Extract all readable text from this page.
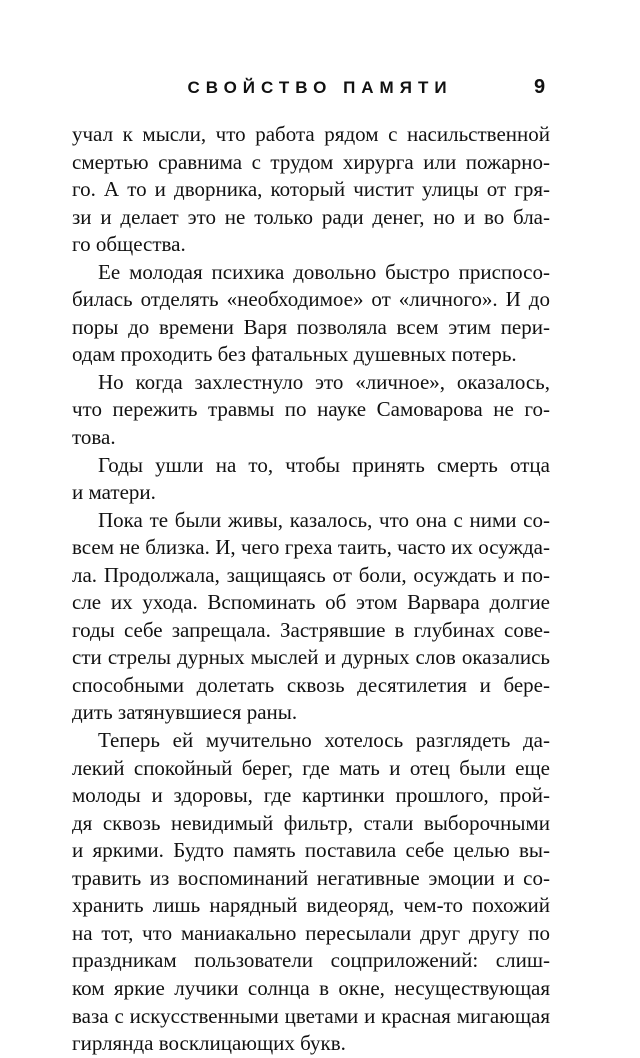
СВОЙСТВО ПАМЯТИ	9
учал к мысли, что работа рядом с насильственной
смертью сравнима с трудом хирурга или пожарно-
го. А то и дворника, который чистит улицы от гря-
зи и делает это не только ради денег, но и во бла-
го общества.
Ее молодая психика довольно быстро приспосо-
билась отделять «необходимое» от «личного». И до
поры до времени Варя позволяла всем этим пери-
одам проходить без фатальных душевных потерь.
Но когда захлестнуло это «личное», оказалось,
что пережить травмы по науке Самоварова не го-
това.
Годы ушли на то, чтобы принять смерть отца
и матери.
Пока те были живы, казалось, что она с ними со-
всем не близка. И, чего греха таить, часто их осужда-
ла. Продолжала, защищаясь от боли, осуждать и по-
сле их ухода. Вспоминать об этом Варвара долгие
годы себе запрещала. Застрявшие в глубинах сове-
сти стрелы дурных мыслей и дурных слов оказались
способными долетать сквозь десятилетия и бере-
дить затянувшиеся раны.
Теперь ей мучительно хотелось разглядеть да-
лекий спокойный берег, где мать и отец были еще
молоды и здоровы, где картинки прошлого, прой-
дя сквозь невидимый фильтр, стали выборочными
и яркими. Будто память поставила себе целью вы-
травить из воспоминаний негативные эмоции и со-
хранить лишь нарядный видеоряд, чем-то похожий
на тот, что маниакально пересылали друг другу по
праздникам пользователи соцприложений: слиш-
ком яркие лучики солнца в окне, несуществующая
ваза с искусственными цветами и красная мигающая
гирлянда восклицающих букв.
